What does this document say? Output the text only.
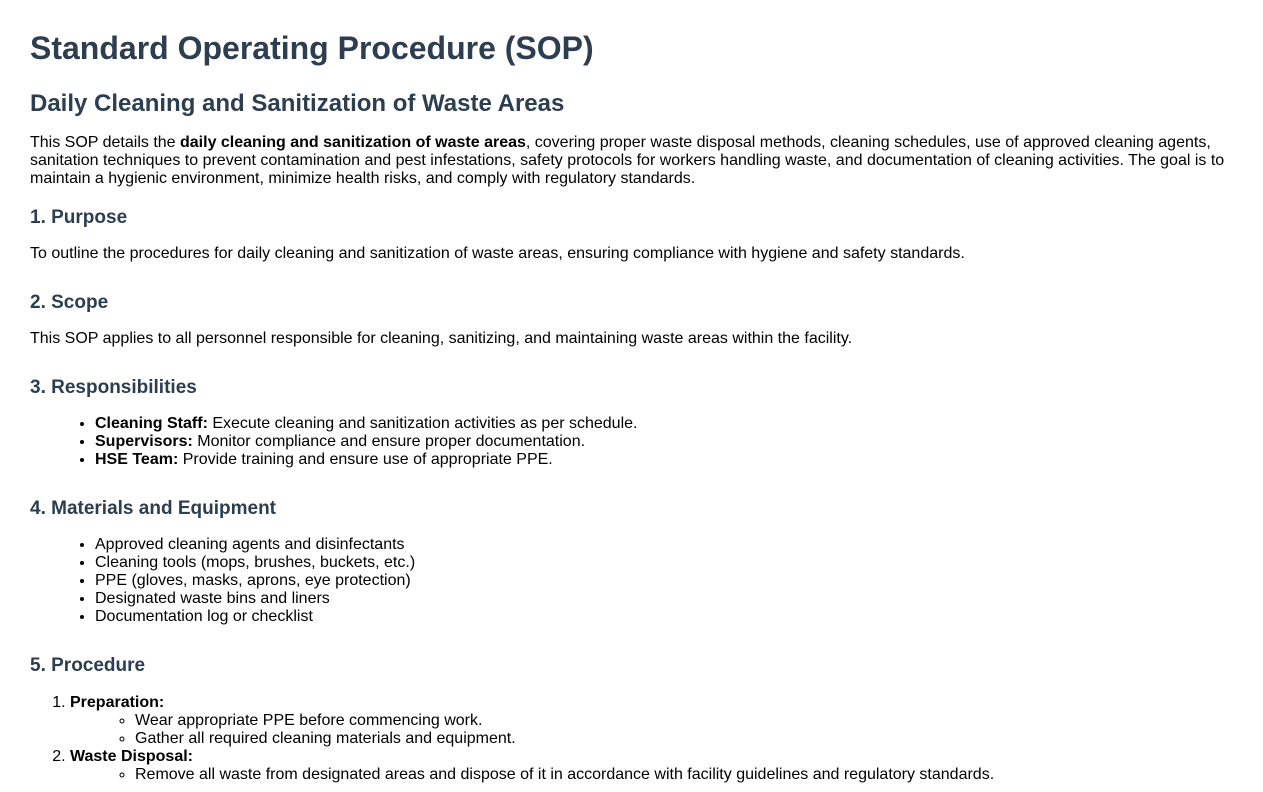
Standard Operating Procedure (SOP)
Daily Cleaning and Sanitization of Waste Areas

This SOP details the daily cleaning and sanitization of waste areas, covering proper waste disposal methods, cleaning schedules, use of approved cleaning agents, sanitation techniques to prevent contamination and pest infestations, safety protocols for workers handling waste, and documentation of cleaning activities. The goal is to maintain a hygienic environment, minimize health risks, and comply with regulatory standards.

1. Purpose

To outline the procedures for daily cleaning and sanitization of waste areas, ensuring compliance with hygiene and safety standards.

2. Scope

This SOP applies to all personnel responsible for cleaning, sanitizing, and maintaining waste areas within the facility.

3. Responsibilities
• Cleaning Staff: Execute cleaning and sanitization activities as per schedule.
• Supervisors: Monitor compliance and ensure proper documentation.
• HSE Team: Provide training and ensure use of appropriate PPE.
4. Materials and Equipment
• Approved cleaning agents and disinfectants
• Cleaning tools (mops, brushes, buckets, etc.)
• PPE (gloves, masks, aprons, eye protection)
• Designated waste bins and liners
• Documentation log or checklist
5. Procedure
1. Preparation:
◦ Wear appropriate PPE before commencing work.
◦ Gather all required cleaning materials and equipment.
2. Waste Disposal:
◦ Remove all waste from designated areas and dispose of it in accordance with facility guidelines and regulatory standards.
